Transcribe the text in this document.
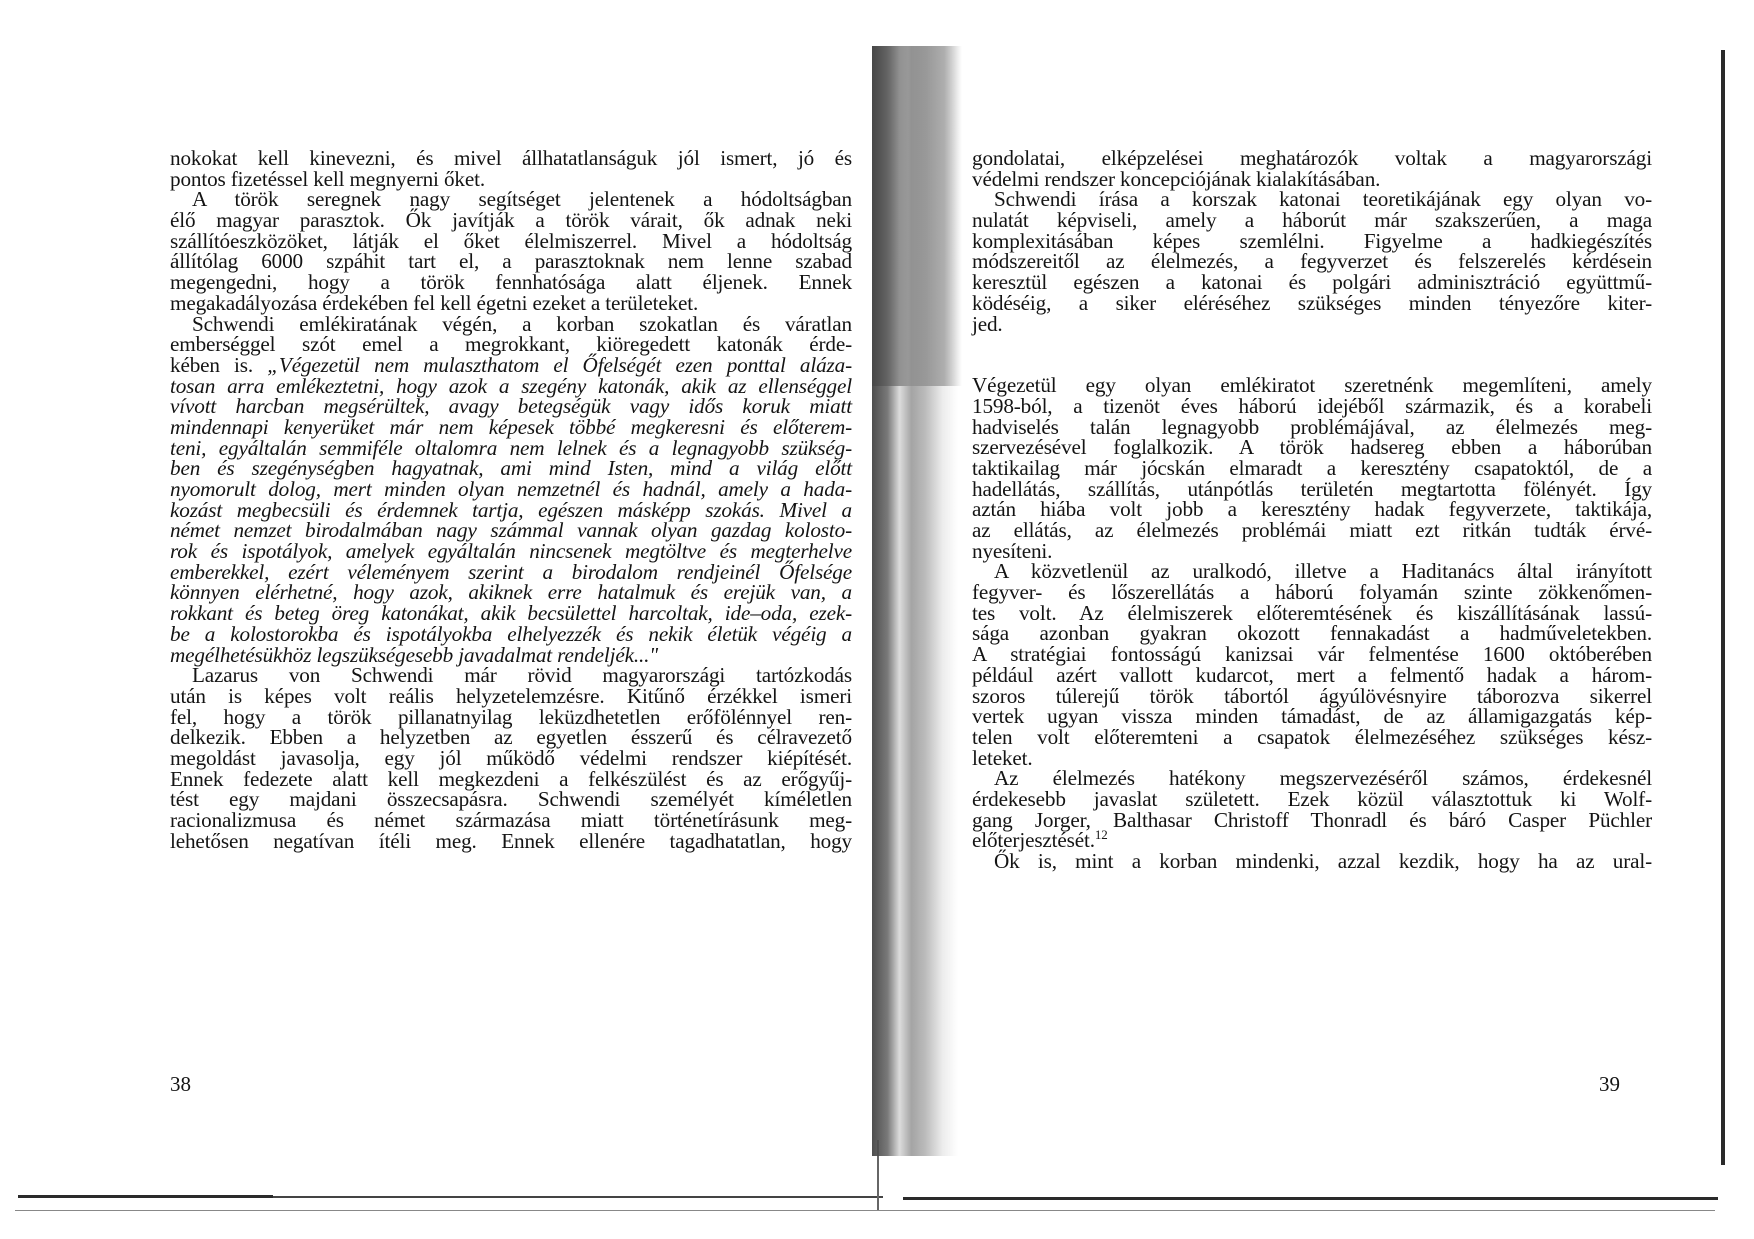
nokokat kell kinevezni, és mivel állhatatlanságuk jól ismert, jó és
pontos fizetéssel kell megnyerni őket.
A török seregnek nagy segítséget jelentenek a hódoltságban
élő magyar parasztok. Ők javítják a török várait, ők adnak neki
szállítóeszközöket, látják el őket élelmiszerrel. Mivel a hódoltság
állítólag 6000 szpáhit tart el, a parasztoknak nem lenne szabad
megengedni, hogy a török fennhatósága alatt éljenek. Ennek
megakadályozása érdekében fel kell égetni ezeket a területeket.
Schwendi emlékiratának végén, a korban szokatlan és váratlan
emberséggel szót emel a megrokkant, kiöregedett katonák érde-
kében is. „Végezetül nem mulaszthatom el Őfelségét ezen ponttal aláza-
tosan arra emlékeztetni, hogy azok a szegény katonák, akik az ellenséggel
vívott harcban megsérültek, avagy betegségük vagy idős koruk miatt
mindennapi kenyerüket már nem képesek többé megkeresni és előterem-
teni, egyáltalán semmiféle oltalomra nem lelnek és a legnagyobb szükség-
ben és szegénységben hagyatnak, ami mind Isten, mind a világ előtt
nyomorult dolog, mert minden olyan nemzetnél és hadnál, amely a hada-
kozást megbecsüli és érdemnek tartja, egészen másképp szokás. Mivel a
német nemzet birodalmában nagy számmal vannak olyan gazdag kolosto-
rok és ispotályok, amelyek egyáltalán nincsenek megtöltve és megterhelve
emberekkel, ezért véleményem szerint a birodalom rendjeinél Őfelsége
könnyen elérhetné, hogy azok, akiknek erre hatalmuk és erejük van, a
rokkant és beteg öreg katonákat, akik becsülettel harcoltak, ide–oda, ezek-
be a kolostorokba és ispotályokba elhelyezzék és nekik életük végéig a
megélhetésükhöz legszükségesebb javadalmat rendeljék..."
Lazarus von Schwendi már rövid magyarországi tartózkodás
után is képes volt reális helyzetelemzésre. Kitűnő érzékkel ismeri
fel, hogy a török pillanatnyilag leküzdhetetlen erőfölénnyel ren-
delkezik. Ebben a helyzetben az egyetlen ésszerű és célravezető
megoldást javasolja, egy jól működő védelmi rendszer kiépítését.
Ennek fedezete alatt kell megkezdeni a felkészülést és az erőgyűj-
tést egy majdani összecsapásra. Schwendi személyét kíméletlen
racionalizmusa és német származása miatt történetírásunk meg-
lehetősen negatívan ítéli meg. Ennek ellenére tagadhatatlan, hogy
38
gondolatai, elképzelései meghatározók voltak a magyarországi
védelmi rendszer koncepciójának kialakításában.
Schwendi írása a korszak katonai teoretikájának egy olyan vo-
nulatát képviseli, amely a háborút már szakszerűen, a maga
komplexitásában képes szemlélni. Figyelme a hadkiegészítés
módszereitől az élelmezés, a fegyverzet és felszerelés kérdésein
keresztül egészen a katonai és polgári adminisztráció együttmű-
ködéséig, a siker eléréséhez szükséges minden tényezőre kiter-
jed.
Végezetül egy olyan emlékiratot szeretnénk megemlíteni, amely
1598-ból, a tizenöt éves háború idejéből származik, és a korabeli
hadviselés talán legnagyobb problémájával, az élelmezés meg-
szervezésével foglalkozik. A török hadsereg ebben a háborúban
taktikailag már jócskán elmaradt a keresztény csapatoktól, de a
hadellátás, szállítás, utánpótlás területén megtartotta fölényét. Így
aztán hiába volt jobb a keresztény hadak fegyverzete, taktikája,
az ellátás, az élelmezés problémái miatt ezt ritkán tudták érvé-
nyesíteni.
A közvetlenül az uralkodó, illetve a Haditanács által irányított
fegyver- és lőszerellátás a háború folyamán szinte zökkenőmen-
tes volt. Az élelmiszerek előteremtésének és kiszállításának lassú-
sága azonban gyakran okozott fennakadást a hadműveletekben.
A stratégiai fontosságú kanizsai vár felmentése 1600 októberében
például azért vallott kudarcot, mert a felmentő hadak a három-
szoros túlerejű török tábortól ágyúlövésnyire táborozva sikerrel
vertek ugyan vissza minden támadást, de az államigazgatás kép-
telen volt előteremteni a csapatok élelmezéséhez szükséges kész-
leteket.
Az élelmezés hatékony megszervezéséről számos, érdekesnél
érdekesebb javaslat született. Ezek közül választottuk ki Wolf-
gang Jorger, Balthasar Christoff Thonradl és báró Casper Püchler
előterjesztését.$^{12}$
Ők is, mint a korban mindenki, azzal kezdik, hogy ha az ural-
39
